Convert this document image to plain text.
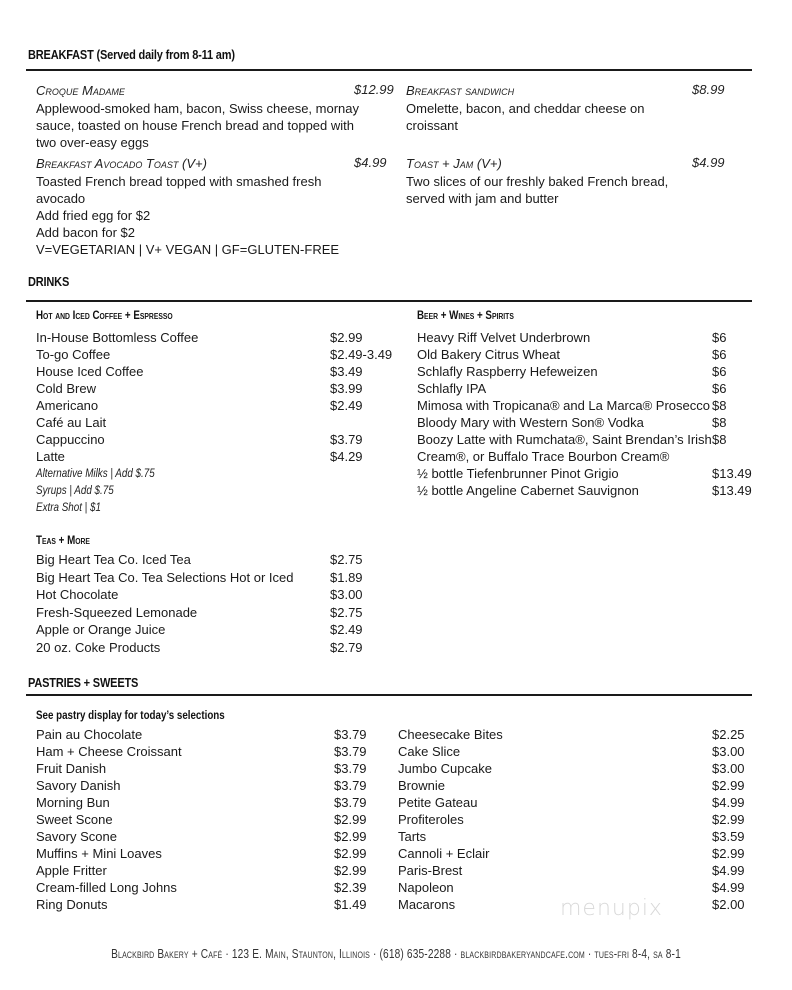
BREAKFAST (Served daily from 8-11 am)
Croque Madame	$12.99
Applewood-smoked ham, bacon, Swiss cheese, mornay
sauce, toasted on house French bread and topped with
two over-easy eggs
Breakfast sandwich	$8.99
Omelette, bacon, and cheddar cheese on
croissant
Breakfast Avocado Toast (V+)	$4.99
Toasted French bread topped with smashed fresh
avocado
Add fried egg for $2
Add bacon for $2
V=VEGETARIAN | V+ VEGAN | GF=GLUTEN-FREE
Toast + Jam (V+)	$4.99
Two slices of our freshly baked French bread,
served with jam and butter
DRINKS
Hot and Iced Coffee + Espresso
In-House Bottomless Coffee	$2.99
To-go Coffee	$2.49-3.49
House Iced Coffee	$3.49
Cold Brew	$3.99
Americano	$2.49
Café au Lait
Cappuccino	$3.79
Latte	$4.29
Alternative Milks | Add $.75
Syrups | Add $.75
Extra Shot | $1
Beer + Wines + Spirits
Heavy Riff Velvet Underbrown	$6
Old Bakery Citrus Wheat	$6
Schlafly Raspberry Hefeweizen	$6
Schlafly IPA	$6
Mimosa with Tropicana® and La Marca® Prosecco $8
Bloody Mary with Western Son® Vodka	$8
Boozy Latte with Rumchata®, Saint Brendan’s Irish $8
Cream®, or Buffalo Trace Bourbon Cream®
½ bottle Tiefenbrunner Pinot Grigio	$13.49
½ bottle Angeline Cabernet Sauvignon	$13.49
Teas + More
Big Heart Tea Co. Iced Tea	$2.75
Big Heart Tea Co. Tea Selections Hot or Iced	$1.89
Hot Chocolate	$3.00
Fresh-Squeezed Lemonade	$2.75
Apple or Orange Juice	$2.49
20 oz. Coke Products	$2.79
PASTRIES + SWEETS
See pastry display for today’s selections
Pain au Chocolate	$3.79
Ham + Cheese Croissant	$3.79
Fruit Danish	$3.79
Savory Danish	$3.79
Morning Bun	$3.79
Sweet Scone	$2.99
Savory Scone	$2.99
Muffins + Mini Loaves	$2.99
Apple Fritter	$2.99
Cream-filled Long Johns	$2.39
Ring Donuts	$1.49
Cheesecake Bites	$2.25
Cake Slice	$3.00
Jumbo Cupcake	$3.00
Brownie	$2.99
Petite Gateau	$4.99
Profiteroles	$2.99
Tarts	$3.59
Cannoli + Eclair	$2.99
Paris-Brest	$4.99
Napoleon	$4.99
Macarons	$2.00
menupix
Blackbird Bakery + Café · 123 E. Main, Staunton, Illinois · (618) 635-2288 · blackbirdbakeryandcafe.com · tues-fri 8-4, sa 8-1
